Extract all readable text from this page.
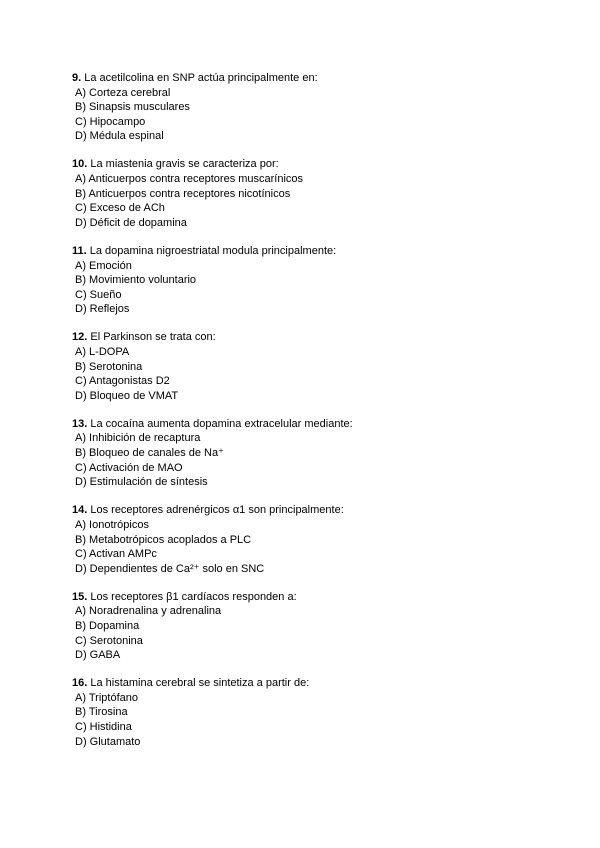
9. La acetilcolina en SNP actúa principalmente en:
A) Corteza cerebral
B) Sinapsis musculares
C) Hipocampo
D) Médula espinal
10. La miastenia gravis se caracteriza por:
A) Anticuerpos contra receptores muscarínicos
B) Anticuerpos contra receptores nicotínicos
C) Exceso de ACh
D) Déficit de dopamina
11. La dopamina nigroestriatal modula principalmente:
A) Emoción
B) Movimiento voluntario
C) Sueño
D) Reflejos
12. El Parkinson se trata con:
A) L-DOPA
B) Serotonina
C) Antagonistas D2
D) Bloqueo de VMAT
13. La cocaína aumenta dopamina extracelular mediante:
A) Inhibición de recaptura
B) Bloqueo de canales de Na⁺
C) Activación de MAO
D) Estimulación de síntesis
14. Los receptores adrenérgicos α1 son principalmente:
A) Ionotrópicos
B) Metabotrópicos acoplados a PLC
C) Activan AMPc
D) Dependientes de Ca²⁺ solo en SNC
15. Los receptores β1 cardíacos responden a:
A) Noradrenalina y adrenalina
B) Dopamina
C) Serotonina
D) GABA
16. La histamina cerebral se sintetiza a partir de:
A) Triptófano
B) Tirosina
C) Histidina
D) Glutamato
